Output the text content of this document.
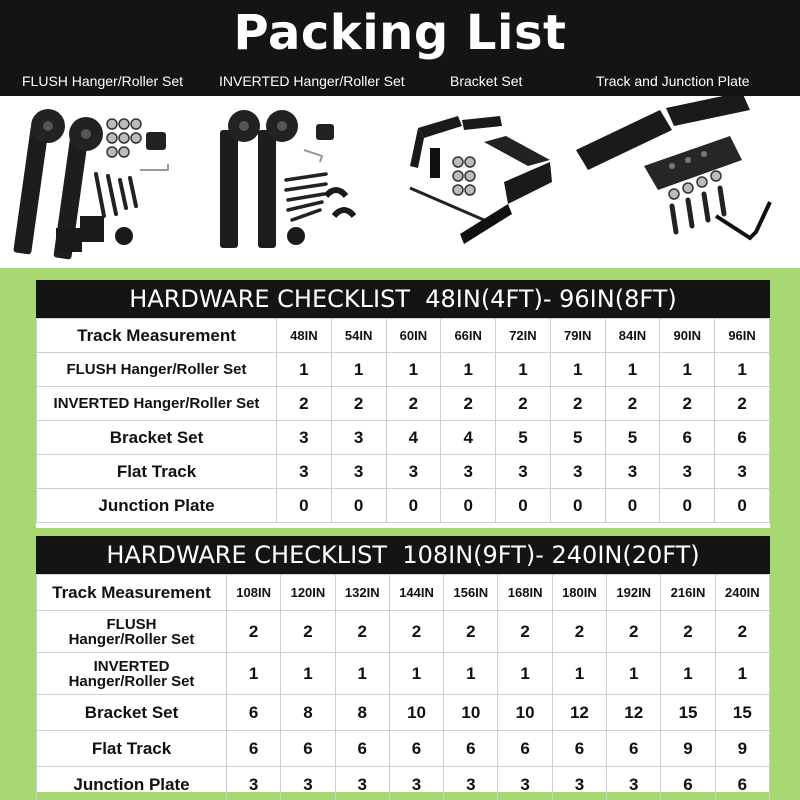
Packing List
FLUSH Hanger/Roller Set	INVERTED Hanger/Roller Set	Bracket Set	Track and Junction Plate
HARDWARE CHECKLIST  48IN(4FT)- 96IN(8FT)
Track Measurement	48IN	54IN	60IN	66IN	72IN	79IN	84IN	90IN	96IN
FLUSH Hanger/Roller Set	1	1	1	1	1	1	1	1	1
INVERTED Hanger/Roller Set	2	2	2	2	2	2	2	2	2
Bracket Set	3	3	4	4	5	5	5	6	6
Flat Track	3	3	3	3	3	3	3	3	3
Junction Plate	0	0	0	0	0	0	0	0	0
HARDWARE CHECKLIST  108IN(9FT)- 240IN(20FT)
Track Measurement	108IN	120IN	132IN	144IN	156IN	168IN	180IN	192IN	216IN	240IN

FLUSH
Hanger/Roller Set	2	2	2	2	2	2	2	2	2	2

INVERTED
Hanger/Roller Set	1	1	1	1	1	1	1	1	1	1
Bracket Set	6	8	8	10	10	10	12	12	15	15
Flat Track	6	6	6	6	6	6	6	6	9	9
Junction Plate	3	3	3	3	3	3	3	3	6	6
